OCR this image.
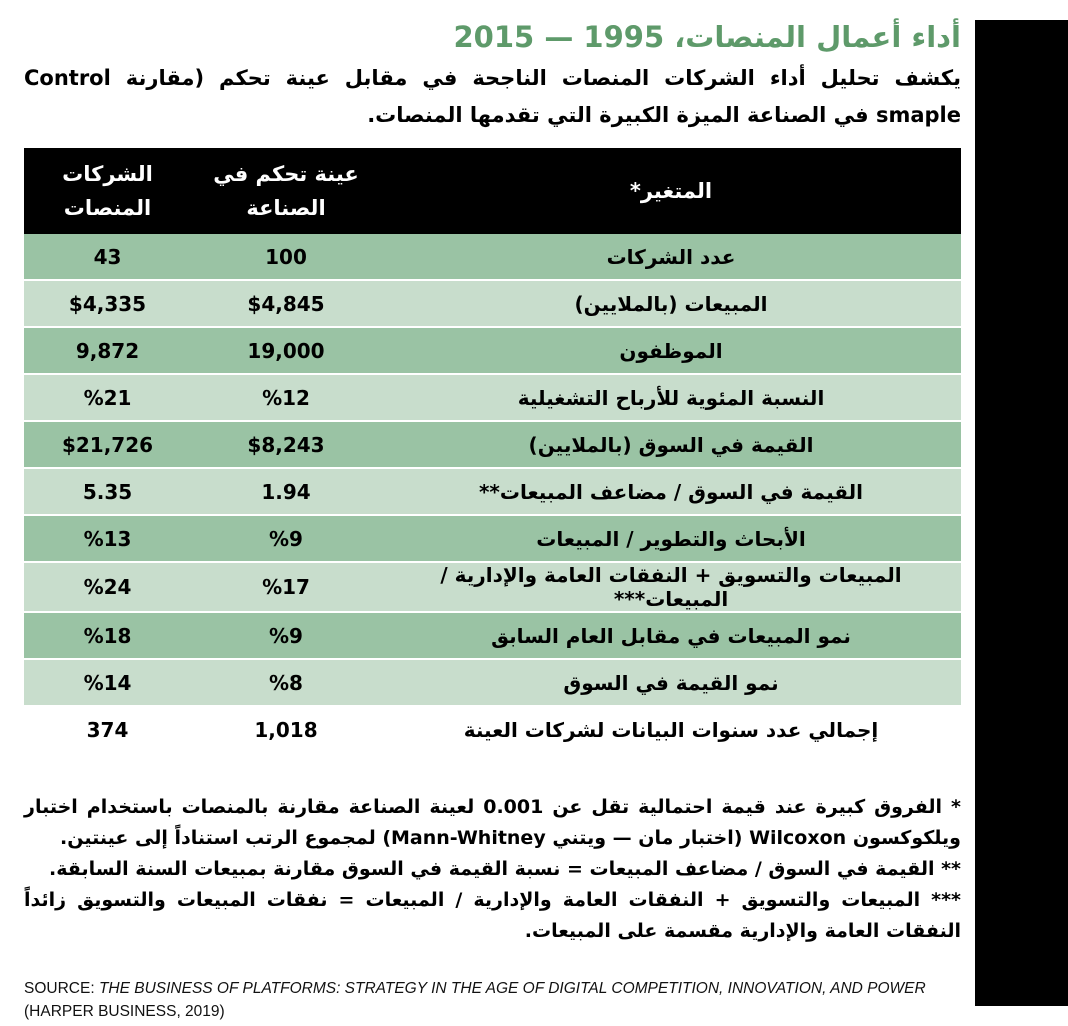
أداء أعمال المنصات، 1995 — 2015

يكشف تحليل أداء الشركات المنصات الناجحة في مقابل عينة تحكم (مقارنة Control smaple في الصناعة الميزة الكبيرة التي تقدمها المنصات.

المتغير*	عينة تحكم في الصناعة	الشركات المنصات
عدد الشركات	100	43
المبيعات (بالملايين)	$4,845	$4,335
الموظفون	19,000	9,872
النسبة المئوية للأرباح التشغيلية	%12	%21
القيمة في السوق (بالملايين)	$8,243	$21,726
القيمة في السوق / مضاعف المبيعات**	1.94	5.35
الأبحاث والتطوير / المبيعات	%9	%13
المبيعات والتسويق + النفقات العامة والإدارية / المبيعات***	%17	%24
نمو المبيعات في مقابل العام السابق	%9	%18
نمو القيمة في السوق	%8	%14
إجمالي عدد سنوات البيانات لشركات العينة	1,018	374

* الفروق كبيرة عند قيمة احتمالية تقل عن 0.001 لعينة الصناعة مقارنة بالمنصات باستخدام اختبار ويلكوكسون Wilcoxon (اختبار مان — ويتني Mann-Whitney) لمجموع الرتب استناداً إلى عينتين.

** القيمة في السوق / مضاعف المبيعات = نسبة القيمة في السوق مقارنة بمبيعات السنة السابقة.

*** المبيعات والتسويق + النفقات العامة والإدارية / المبيعات = نفقات المبيعات والتسويق زائداً النفقات العامة والإدارية مقسمة على المبيعات.

SOURCE: THE BUSINESS OF PLATFORMS: STRATEGY IN THE AGE OF DIGITAL COMPETITION, INNOVATION, AND POWER (HARPER BUSINESS, 2019)
